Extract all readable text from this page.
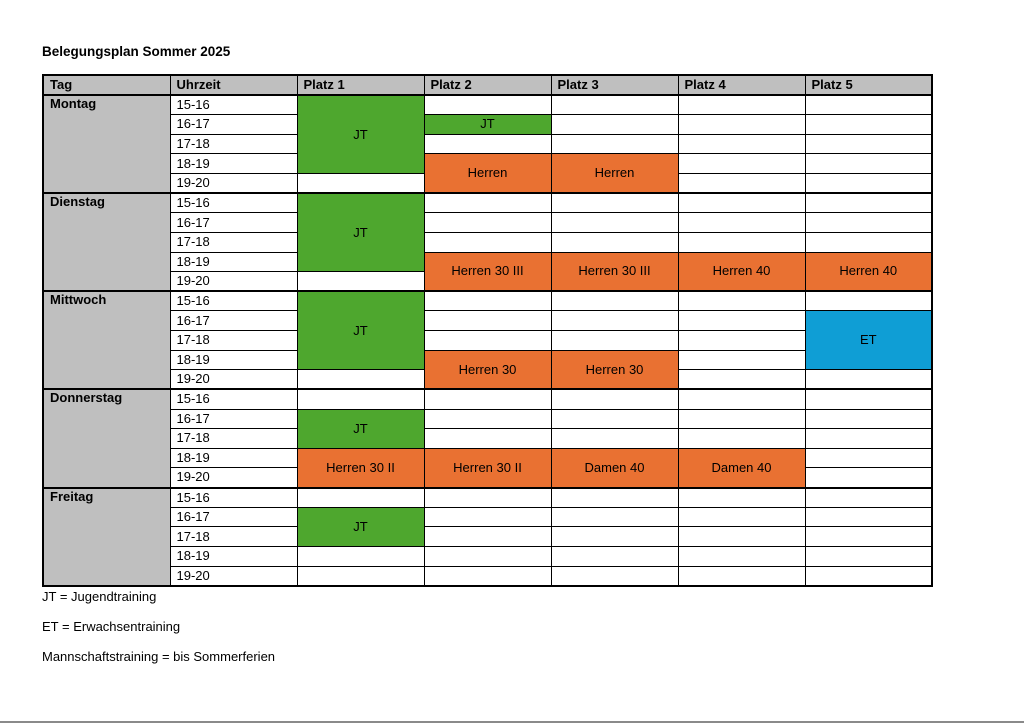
Belegungsplan Sommer 2025
Tag	Uhrzeit	Platz 1	Platz 2	Platz 3	Platz 4	Platz 5
Montag	15-16	JT				
	16-17		JT			
	17-18					
	18-19		Herren	Herren		
	19-20					
Dienstag	15-16	JT				
	16-17					
	17-18					
	18-19		Herren 30 III	Herren 30 III	Herren 40	Herren 40
	19-20					
Mittwoch	15-16	JT				
	16-17					ET
	17-18					
	18-19		Herren 30	Herren 30		
	19-20					
Donnerstag	15-16					
	16-17	JT				
	17-18					
	18-19	Herren 30 II	Herren 30 II	Damen 40	Damen 40	
	19-20					
Freitag	15-16					
	16-17	JT				
	17-18					
	18-19					
	19-20					
JT = Jugendtraining
ET = Erwachsentraining
Mannschaftstraining = bis Sommerferien
